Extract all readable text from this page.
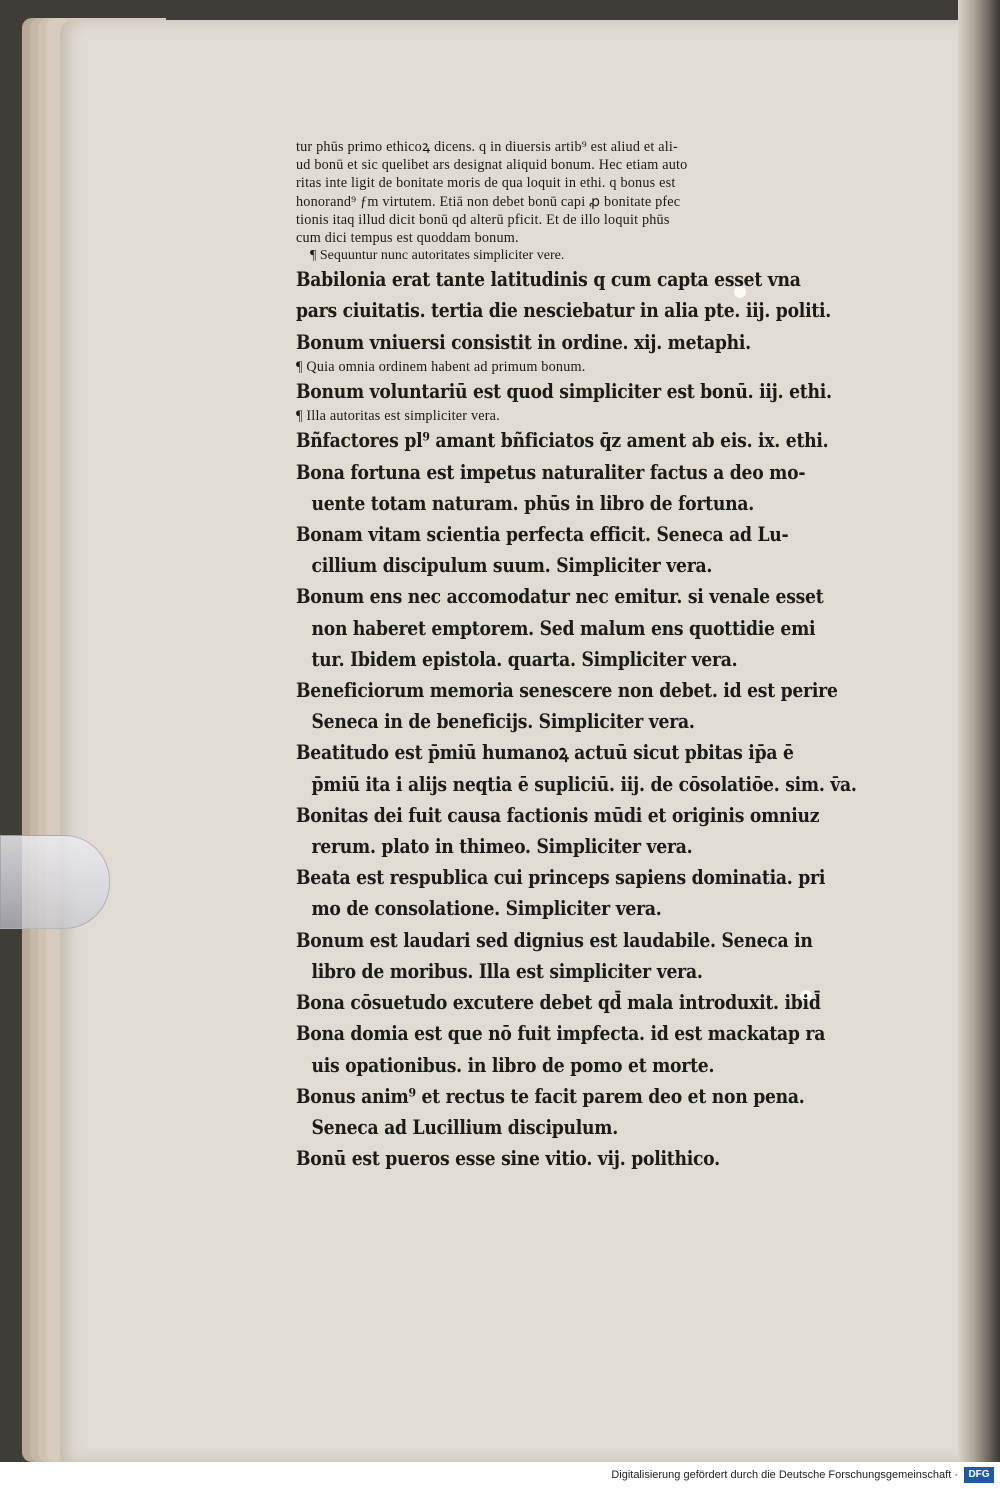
tur phūs primo ethicoꝝ dicens. q in diuersis artib⁹ est aliud et ali-

ud bonū et sic quelibet ars designat aliquid bonum. Hec etiam auto

ritas inte ligit de bonitate moris de qua loquit in ethi. q bonus est

honorand⁹ ƒm virtutem. Etiā non debet bonū capi ꝓ bonitate pfec

tionis itaq illud dicit bonū qd alterū pficit. Et de illo loquit phūs

cum dici tempus est quoddam bonum.

¶ Sequuntur nunc autoritates simpliciter vere.

Babilonia erat tante latitudinis q cum capta esset vna

pars ciuitatis. tertia die nesciebatur in alia pte. iij. politi.

Bonum vniuersi consistit in ordine. xij. metaphi.

¶ Quia omnia ordinem habent ad primum bonum.

Bonum voluntariū est quod simpliciter est bonū. iij. ethi.

¶ Illa autoritas est simpliciter vera.

Bñfactores pl⁹ amant bñficiatos q̄z ament ab eis. ix. ethi.

Bona fortuna est impetus naturaliter factus a deo mo-

uente totam naturam. phūs in libro de fortuna.

Bonam vitam scientia perfecta efficit. Seneca ad Lu-

cillium discipulum suum. Simpliciter vera.

Bonum ens nec accomodatur nec emitur. si venale esset

non haberet emptorem. Sed malum ens quottidie emi

tur. Ibidem epistola. quarta. Simpliciter vera.

Beneficiorum memoria senescere non debet. id est perire

Seneca in de beneficijs. Simpliciter vera.

Beatitudo est p̄miū humanoꝝ actuū sicut pbitas ip̄a ē

p̄miū ita i alijs neqtia ē supliciū. iij. de cōsolatiōe. sim. v̄a.

Bonitas dei fuit causa factionis mūdi et originis omniuz

rerum. plato in thimeo. Simpliciter vera.

Beata est respublica cui princeps sapiens dominatia. pri

mo de consolatione. Simpliciter vera.

Bonum est laudari sed dignius est laudabile. Seneca in

libro de moribus. Illa est simpliciter vera.

Bona cōsuetudo excutere debet qd̄ mala introduxit. ibid̄

Bona domia est que nō fuit impfecta. id est mackatap ra

uis opationibus. in libro de pomo et morte.

Bonus anim⁹ et rectus te facit parem deo et non pena.

Seneca ad Lucillium discipulum.

Bonū est pueros esse sine vitio. vij. polithico.

Digitalisierung gefördert durch die Deutsche Forschungsgemeinschaft ·	DFG
